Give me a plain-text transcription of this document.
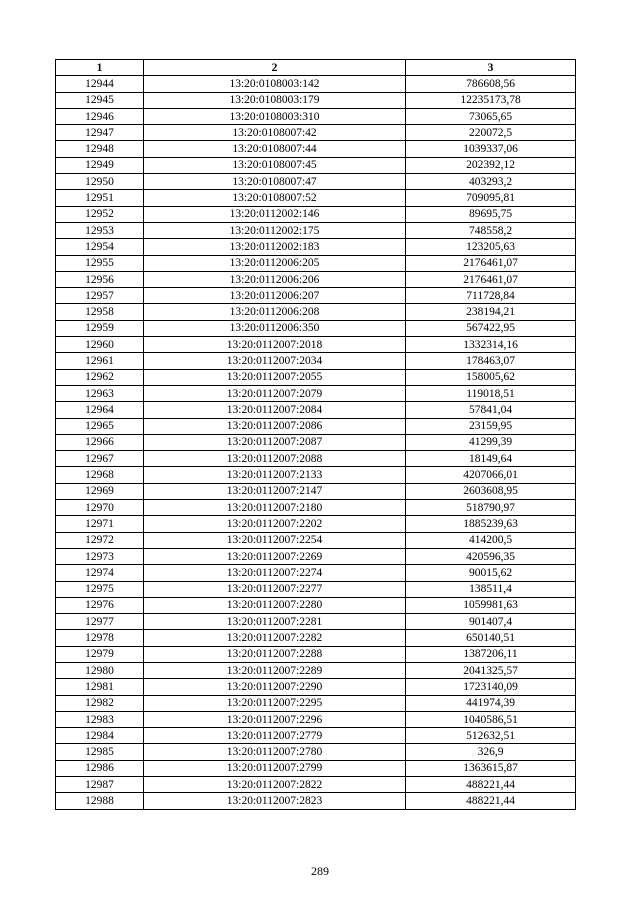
1	2	3
12944	13:20:0108003:142	786608,56
12945	13:20:0108003:179	12235173,78
12946	13:20:0108003:310	73065,65
12947	13:20:0108007:42	220072,5
12948	13:20:0108007:44	1039337,06
12949	13:20:0108007:45	202392,12
12950	13:20:0108007:47	403293,2
12951	13:20:0108007:52	709095,81
12952	13:20:0112002:146	89695,75
12953	13:20:0112002:175	748558,2
12954	13:20:0112002:183	123205,63
12955	13:20:0112006:205	2176461,07
12956	13:20:0112006:206	2176461,07
12957	13:20:0112006:207	711728,84
12958	13:20:0112006:208	238194,21
12959	13:20:0112006:350	567422,95
12960	13:20:0112007:2018	1332314,16
12961	13:20:0112007:2034	178463,07
12962	13:20:0112007:2055	158005,62
12963	13:20:0112007:2079	119018,51
12964	13:20:0112007:2084	57841,04
12965	13:20:0112007:2086	23159,95
12966	13:20:0112007:2087	41299,39
12967	13:20:0112007:2088	18149,64
12968	13:20:0112007:2133	4207066,01
12969	13:20:0112007:2147	2603608,95
12970	13:20:0112007:2180	518790,97
12971	13:20:0112007:2202	1885239,63
12972	13:20:0112007:2254	414200,5
12973	13:20:0112007:2269	420596,35
12974	13:20:0112007:2274	90015,62
12975	13:20:0112007:2277	138511,4
12976	13:20:0112007:2280	1059981,63
12977	13:20:0112007:2281	901407,4
12978	13:20:0112007:2282	650140,51
12979	13:20:0112007:2288	1387206,11
12980	13:20:0112007:2289	2041325,57
12981	13:20:0112007:2290	1723140,09
12982	13:20:0112007:2295	441974,39
12983	13:20:0112007:2296	1040586,51
12984	13:20:0112007:2779	512632,51
12985	13:20:0112007:2780	326,9
12986	13:20:0112007:2799	1363615,87
12987	13:20:0112007:2822	488221,44
12988	13:20:0112007:2823	488221,44
289
